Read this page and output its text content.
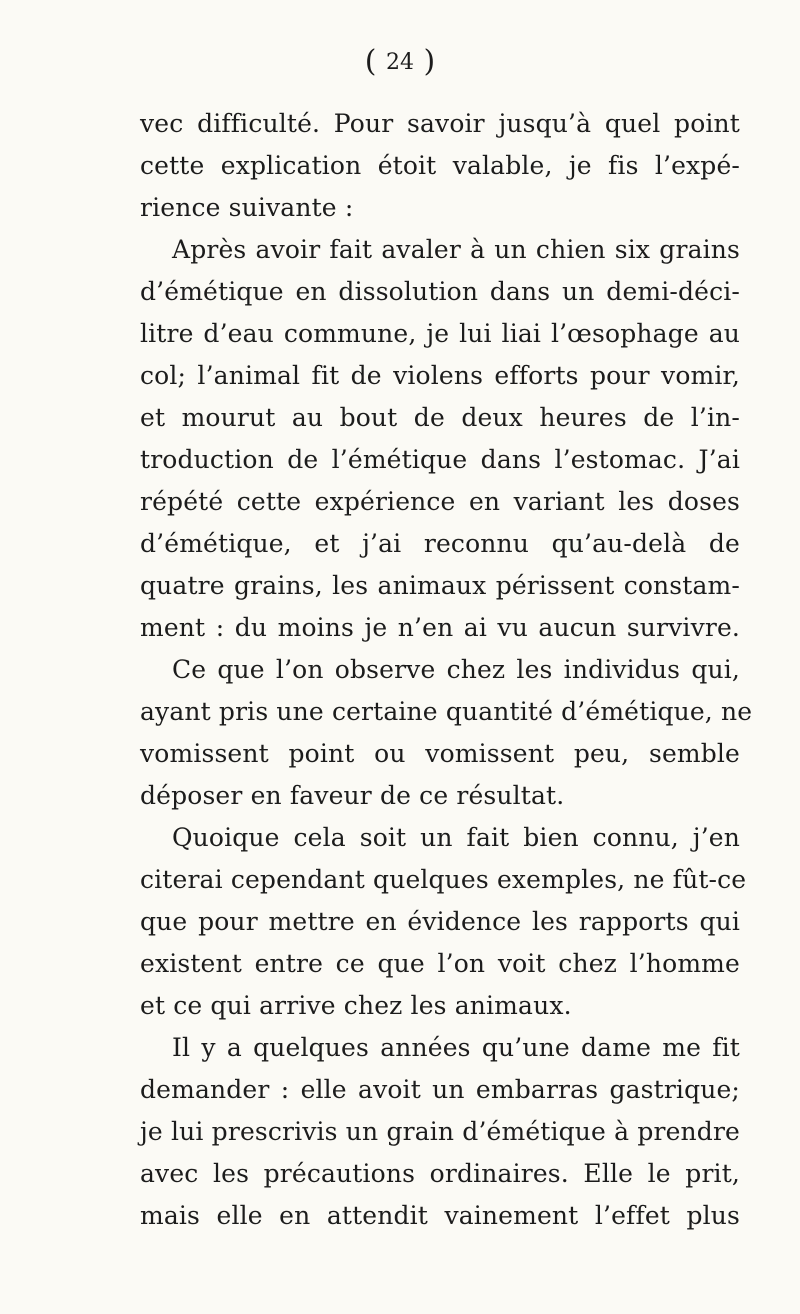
( 24 )
vec difficulté. Pour savoir jusqu’à quel point
cette explication étoit valable, je fis l’expé-
rience suivante :
Après avoir fait avaler à un chien six grains
d’émétique en dissolution dans un demi-déci-
litre d’eau commune, je lui liai l’œsophage au
col; l’animal fit de violens efforts pour vomir,
et mourut au bout de deux heures de l’in-
troduction de l’émétique dans l’estomac. J’ai
répété cette expérience en variant les doses
d’émétique, et j’ai reconnu qu’au-delà de
quatre grains, les animaux périssent constam-
ment : du moins je n’en ai vu aucun survivre.
Ce que l’on observe chez les individus qui,
ayant pris une certaine quantité d’émétique, ne
vomissent point ou vomissent peu, semble
déposer en faveur de ce résultat.
Quoique cela soit un fait bien connu, j’en
citerai cependant quelques exemples, ne fût-ce
que pour mettre en évidence les rapports qui
existent entre ce que l’on voit chez l’homme
et ce qui arrive chez les animaux.
Il y a quelques années qu’une dame me fit
demander : elle avoit un embarras gastrique;
je lui prescrivis un grain d’émétique à prendre
avec les précautions ordinaires. Elle le prit,
mais elle en attendit vainement l’effet plus
